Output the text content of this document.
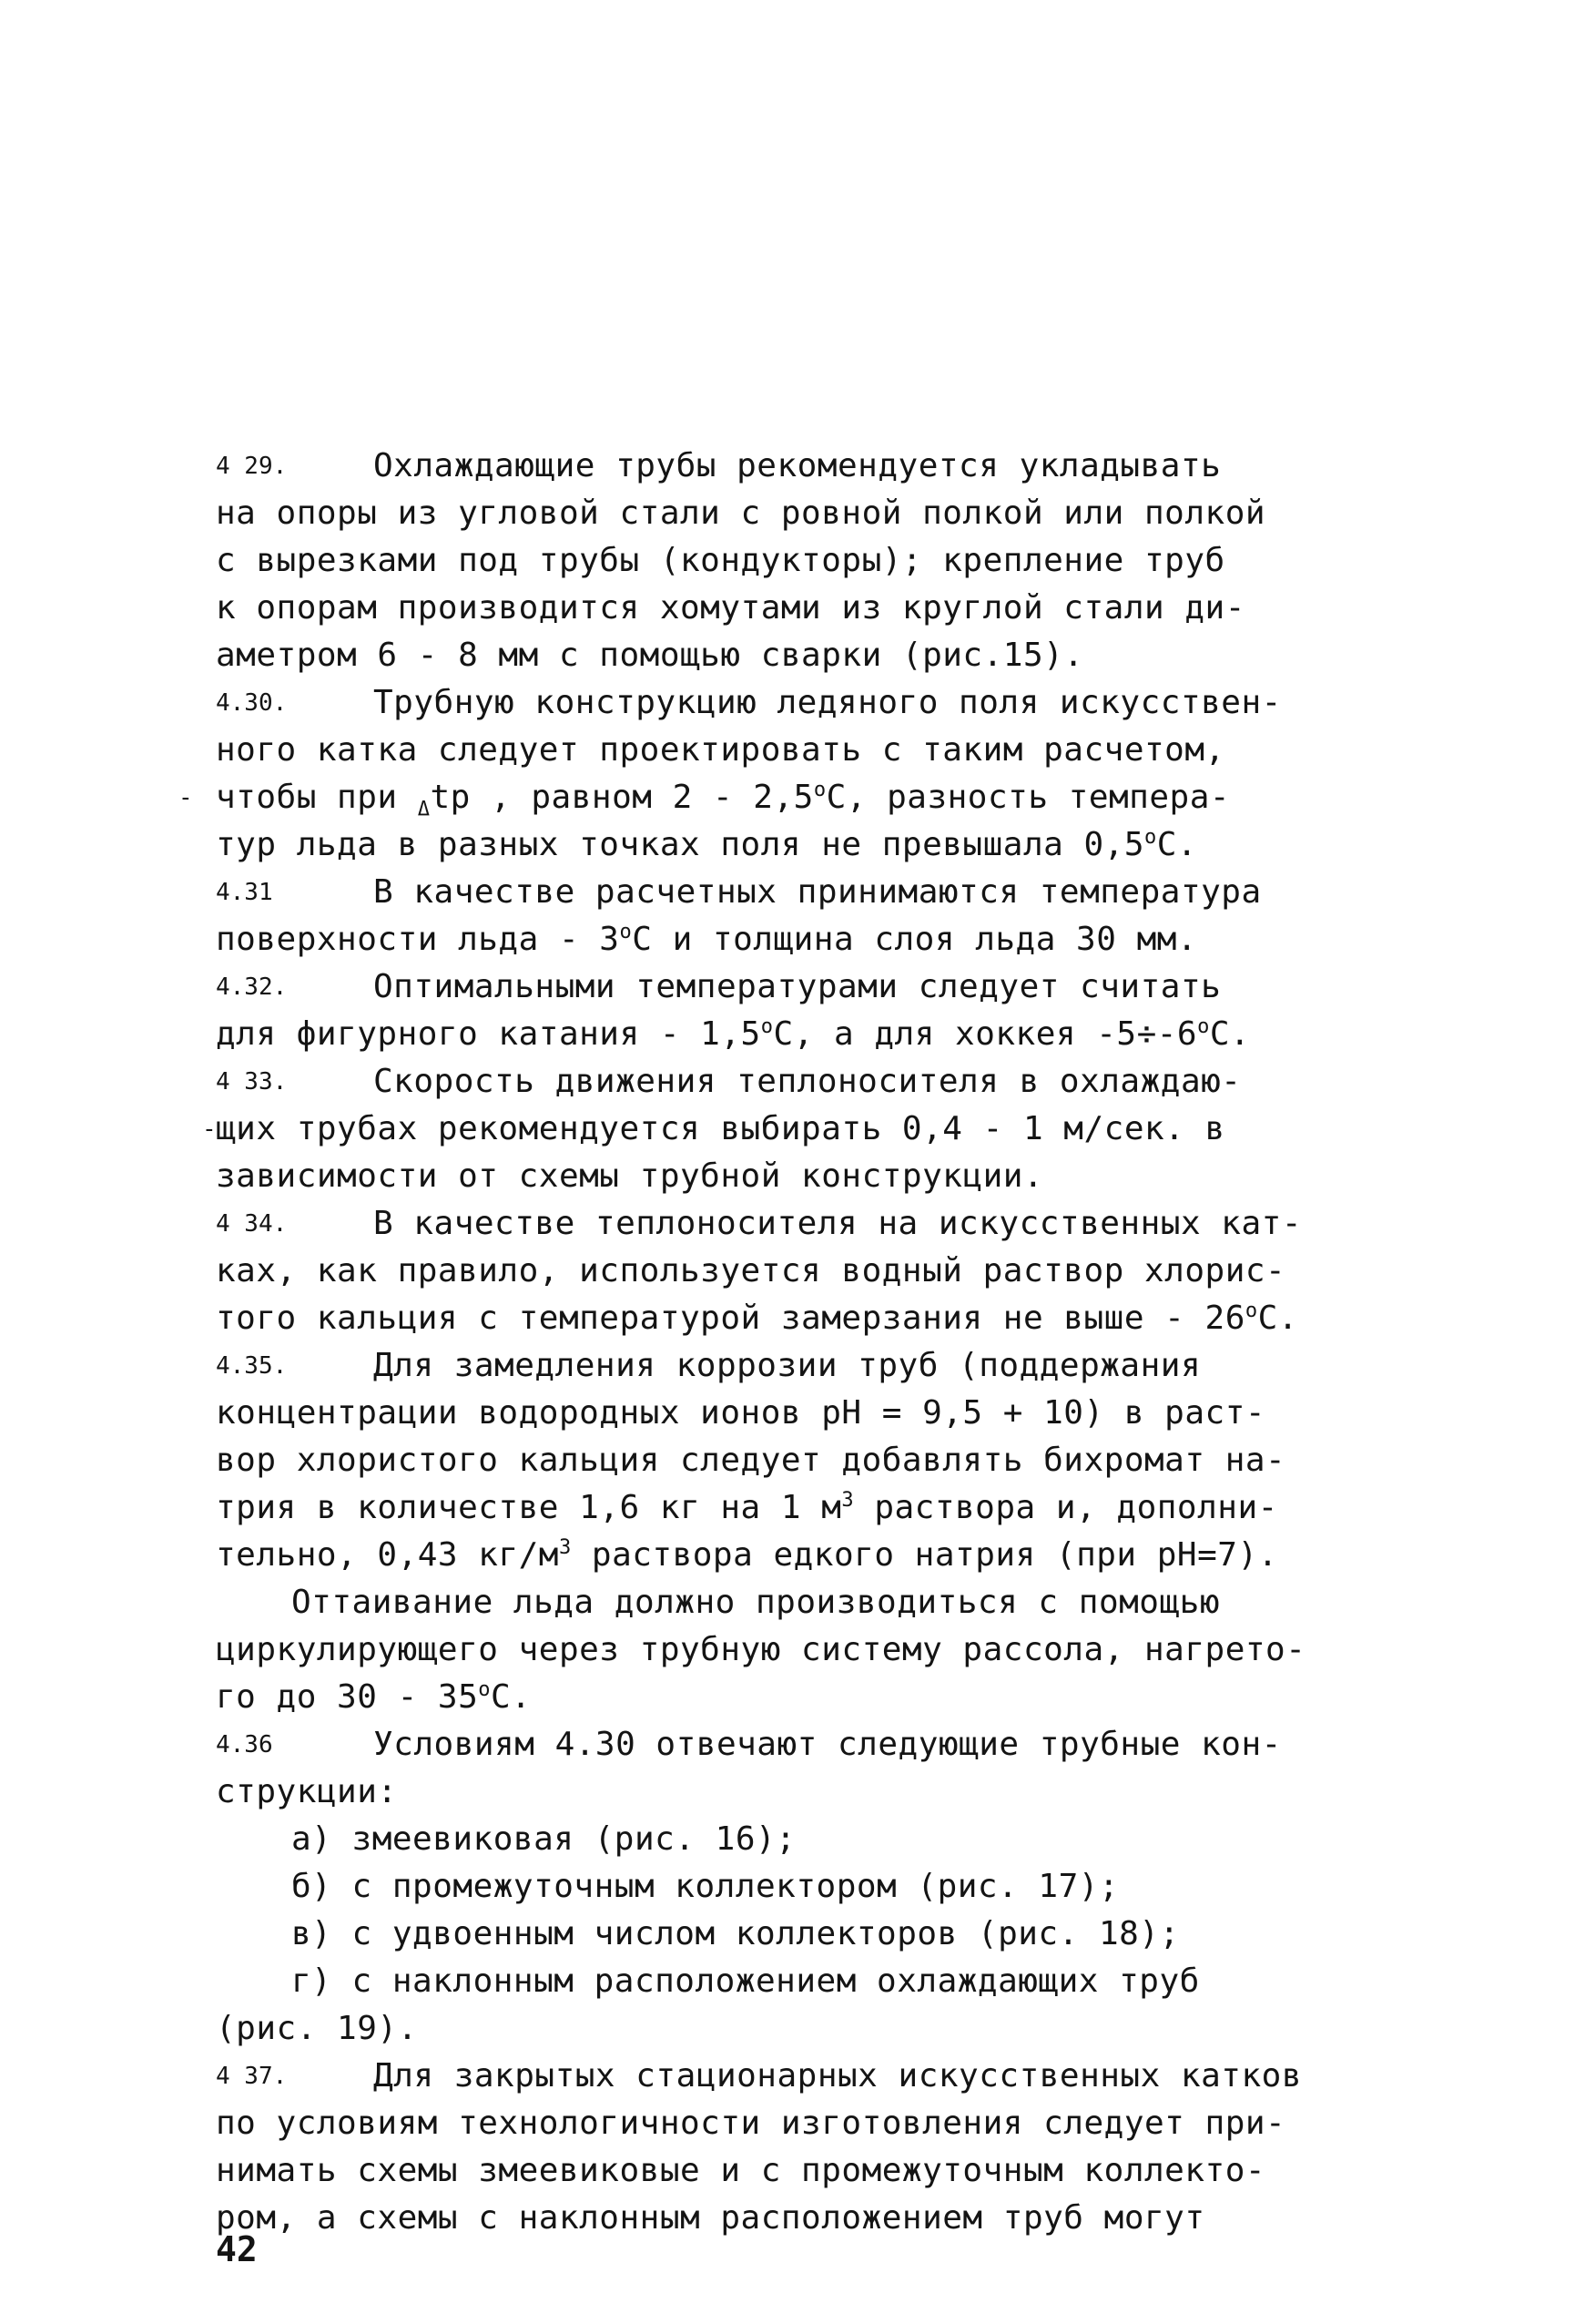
4 29.	Охлаждающие трубы рекомендуется укладывать
на опоры из угловой стали с ровной полкой или полкой
с вырезками под трубы (кондукторы); крепление труб
к опорам производится хомутами из круглой стали ди-
аметром 6 - 8 мм с помощью сварки (рис.15).
4.30.	Трубную конструкцию ледяного поля искусствен-
ного катка следует проектировать с таким расчетом,
- чтобы при $_\Delta$tр , равном $2 - 2,5^оС$, разность темпера-
тур льда в разных точках поля не превышала $0,5^оС$.
4.31	В качестве расчетных принимаются температура
поверхности льда - $3^оС$ и толщина слоя льда 30 мм.
4.32.	Оптимальными температурами следует считать
для фигурного катания - $1,5^оС$, а для хоккея $-5\div-6^оС$.
4 33.	Скорость движения теплоносителя в охлаждаю-
- щих трубах рекомендуется выбирать 0,4 - 1 м/сек. в
зависимости от схемы трубной конструкции.
4 34.	В качестве теплоносителя на искусственных кат-
ках, как правило, используется водный раствор хлорис-
того кальция с температурой замерзания не выше - $26^оС$.
4.35.	Для замедления коррозии труб (поддержания
концентрации водородных ионов рН = 9,5 + 10) в раст-
вор хлористого кальция следует добавлять бихромат на-
трия в количестве 1,6 кг на 1 $м^3$ раствора и, дополни-
тельно, 0,43 $кг/м^3$ раствора едкого натрия (при рН=7).
Оттаивание льда должно производиться с помощью
циркулирующего через трубную систему рассола, нагрето-
го до $30 - 35^оС$.
4.36	Условиям 4.30 отвечают следующие трубные кон-
струкции:
а) змеевиковая (рис. 16);
б) с промежуточным коллектором (рис. 17);
в) с удвоенным числом коллекторов (рис. 18);
г) с наклонным расположением охлаждающих труб
(рис. 19).
4 37.	Для закрытых стационарных искусственных катков
по условиям технологичности изготовления следует при-
нимать схемы змеевиковые и с промежуточным коллекто-
ром, а схемы с наклонным расположением труб могут
42
